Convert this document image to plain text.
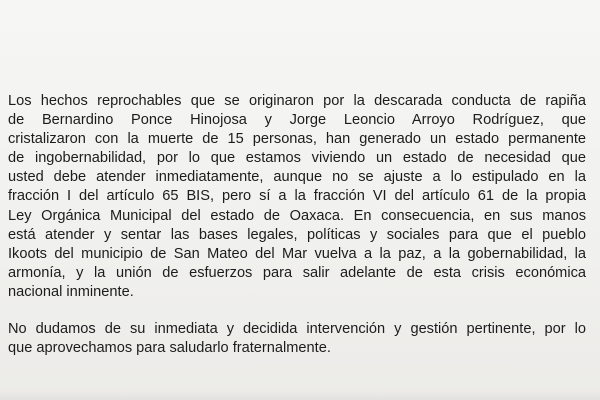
Los hechos reprochables que se originaron por la descarada conducta de rapiña
de Bernardino Ponce Hinojosa y Jorge Leoncio Arroyo Rodríguez, que
cristalizaron con la muerte de 15 personas, han generado un estado permanente
de ingobernabilidad, por lo que estamos viviendo un estado de necesidad que
usted debe atender inmediatamente, aunque no se ajuste a lo estipulado en la
fracción I del artículo 65 BIS, pero sí a la fracción VI del artículo 61 de la propia
Ley Orgánica Municipal del estado de Oaxaca. En consecuencia, en sus manos
está atender y sentar las bases legales, políticas y sociales para que el pueblo
Ikoots del municipio de San Mateo del Mar vuelva a la paz, a la gobernabilidad, la
armonía, y la unión de esfuerzos para salir adelante de esta crisis económica
nacional inminente.

No dudamos de su inmediata y decidida intervención y gestión pertinente, por lo
que aprovechamos para saludarlo fraternalmente.
